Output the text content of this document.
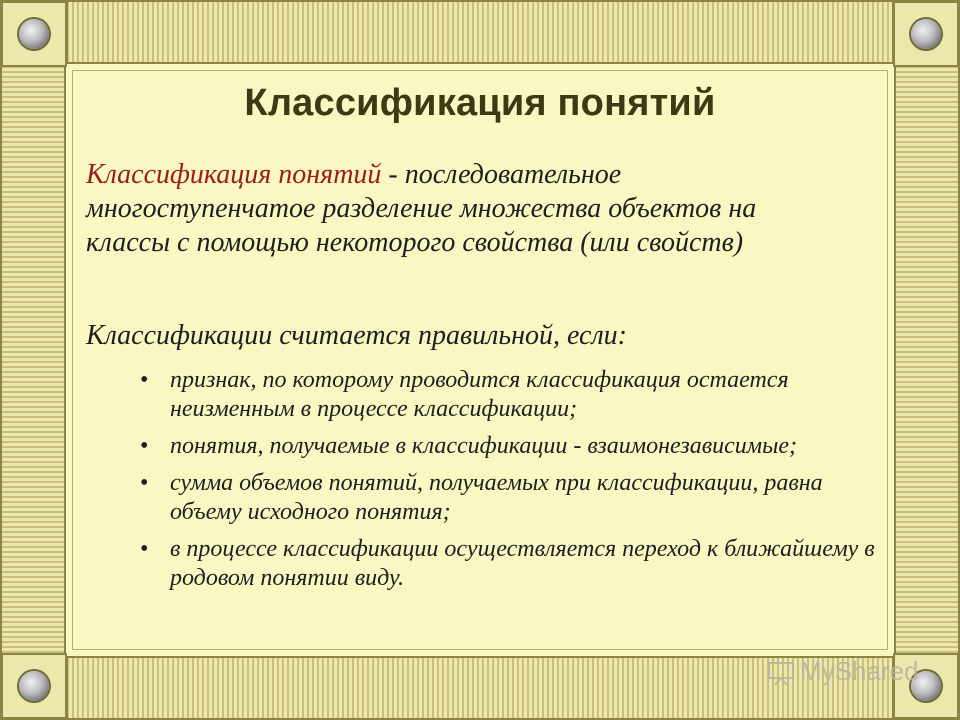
Классификация понятий
Классификация понятий - последовательное многоступенчатое разделение множества объектов на классы с помощью некоторого свойства (или свойств)
Классификации считается правильной, если:
• признак, по которому проводится классификация остается неизменным в процессе классификации;
• понятия, получаемые в классификации - взаимонезависимые;
• сумма объемов понятий, получаемых при классификации, равна объему исходного понятия;
• в процессе классификации осуществляется переход к ближайшему в родовом понятии виду.
MyShared
